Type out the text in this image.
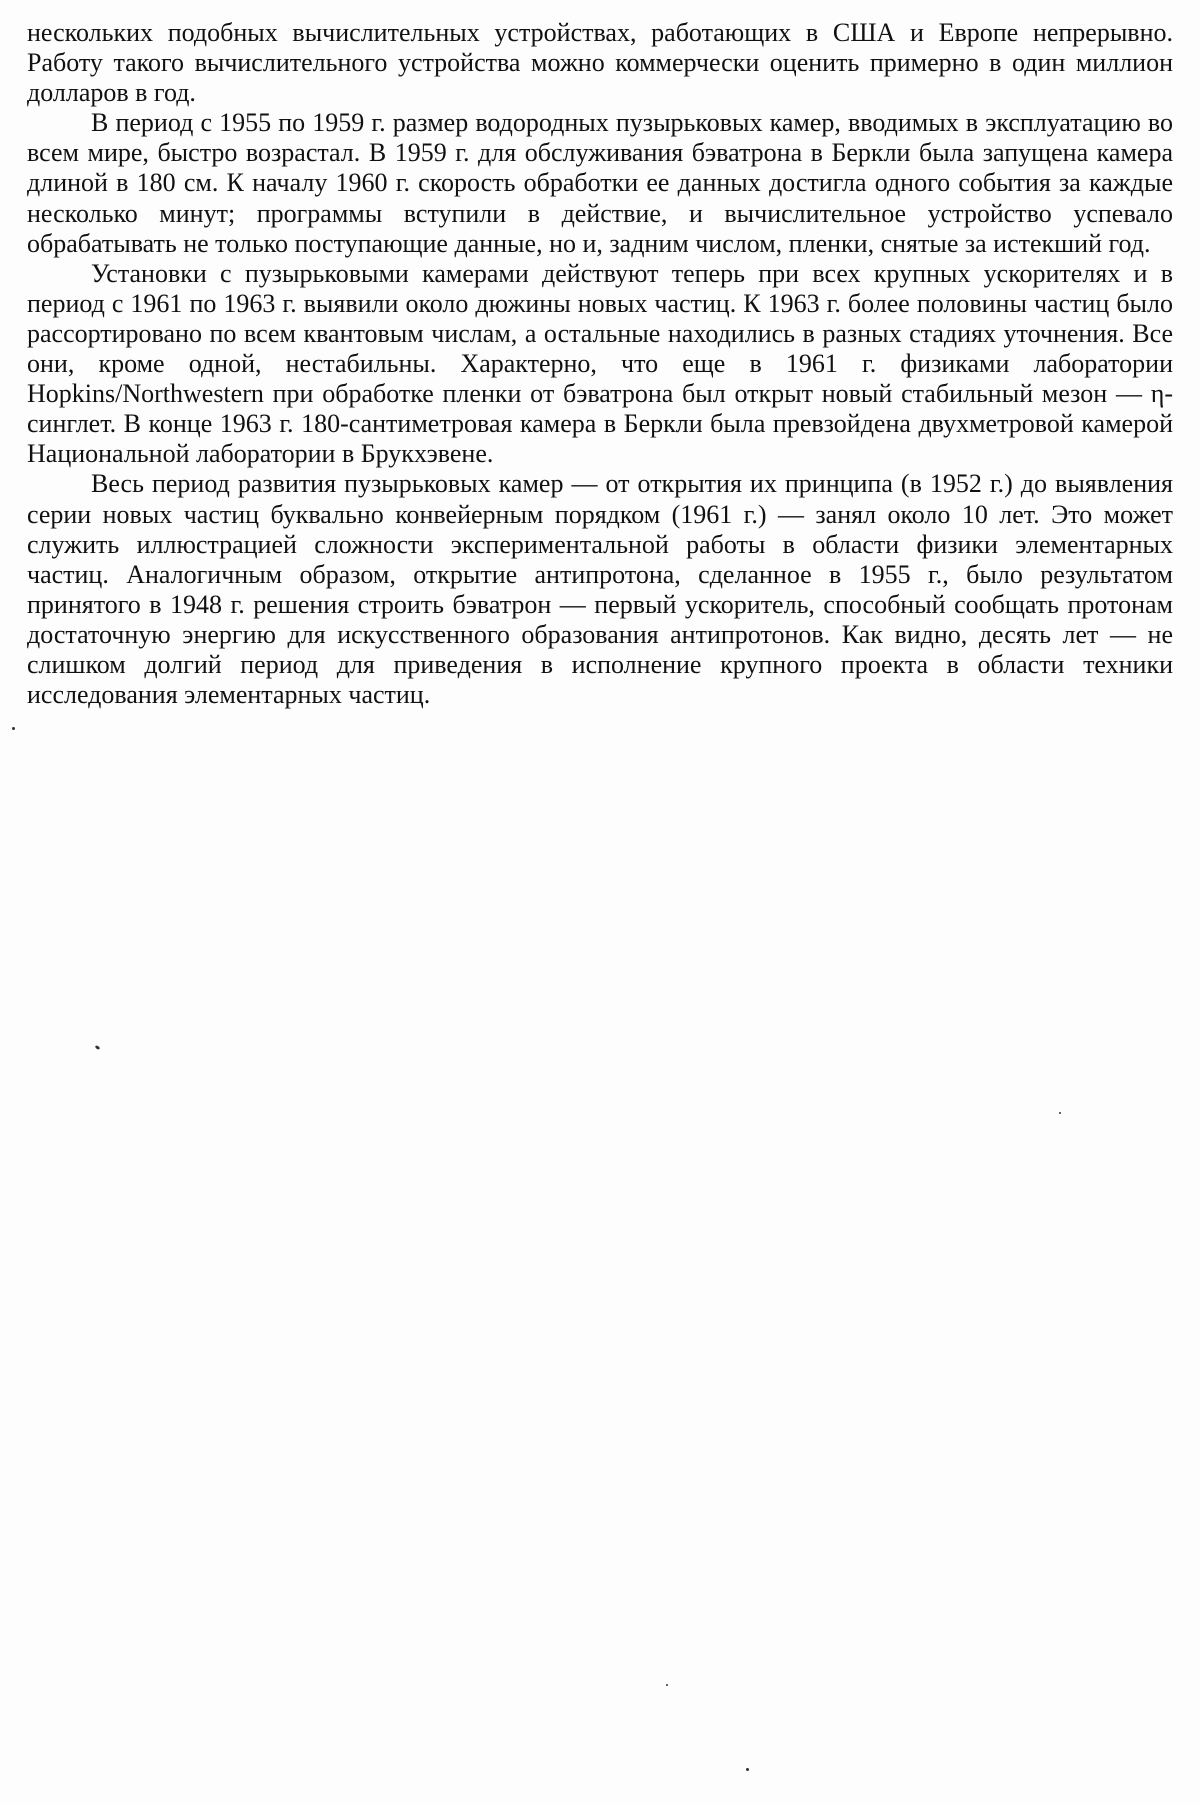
нескольких подобных вычислительных устройствах, работающих в США и Европе непрерывно. Работу такого вычислительного устройства можно коммерчески оценить примерно в один миллион долларов в год.

В период с 1955 по 1959 г. размер водородных пузырьковых камер, вводимых в эксплуатацию во всем мире, быстро возрастал. В 1959 г. для обслуживания бэватрона в Беркли была запущена камера длиной в 180 см. К началу 1960 г. скорость обработки ее данных достигла одного события за каждые несколько минут; программы вступили в действие, и вычислительное устройство успевало обрабатывать не только поступающие данные, но и, задним числом, пленки, снятые за истекший год.

Установки с пузырьковыми камерами действуют теперь при всех крупных ускорителях и в период с 1961 по 1963 г. выявили около дюжины новых частиц. К 1963 г. более половины частиц было рассортировано по всем квантовым числам, а остальные находились в разных стадиях уточнения. Все они, кроме одной, нестабильны. Характерно, что еще в 1961 г. физиками лаборатории Hopkins/Northwestern при обработке пленки от бэватрона был открыт новый стабильный мезон — η-синглет. В конце 1963 г. 180-сантиметровая камера в Беркли была превзойдена двухметровой камерой Национальной лаборатории в Брукхэвене.

Весь период развития пузырьковых камер — от открытия их принципа (в 1952 г.) до выявления серии новых частиц буквально конвейерным порядком (1961 г.) — занял около 10 лет. Это может служить иллюстрацией сложности экспериментальной работы в области физики элементарных частиц. Аналогичным образом, открытие антипротона, сделанное в 1955 г., было результатом принятого в 1948 г. решения строить бэватрон — первый ускоритель, способный сообщать протонам достаточную энергию для искусственного образования антипротонов. Как видно, десять лет — не слишком долгий период для приведения в исполнение крупного проекта в области техники исследования элементарных частиц.
